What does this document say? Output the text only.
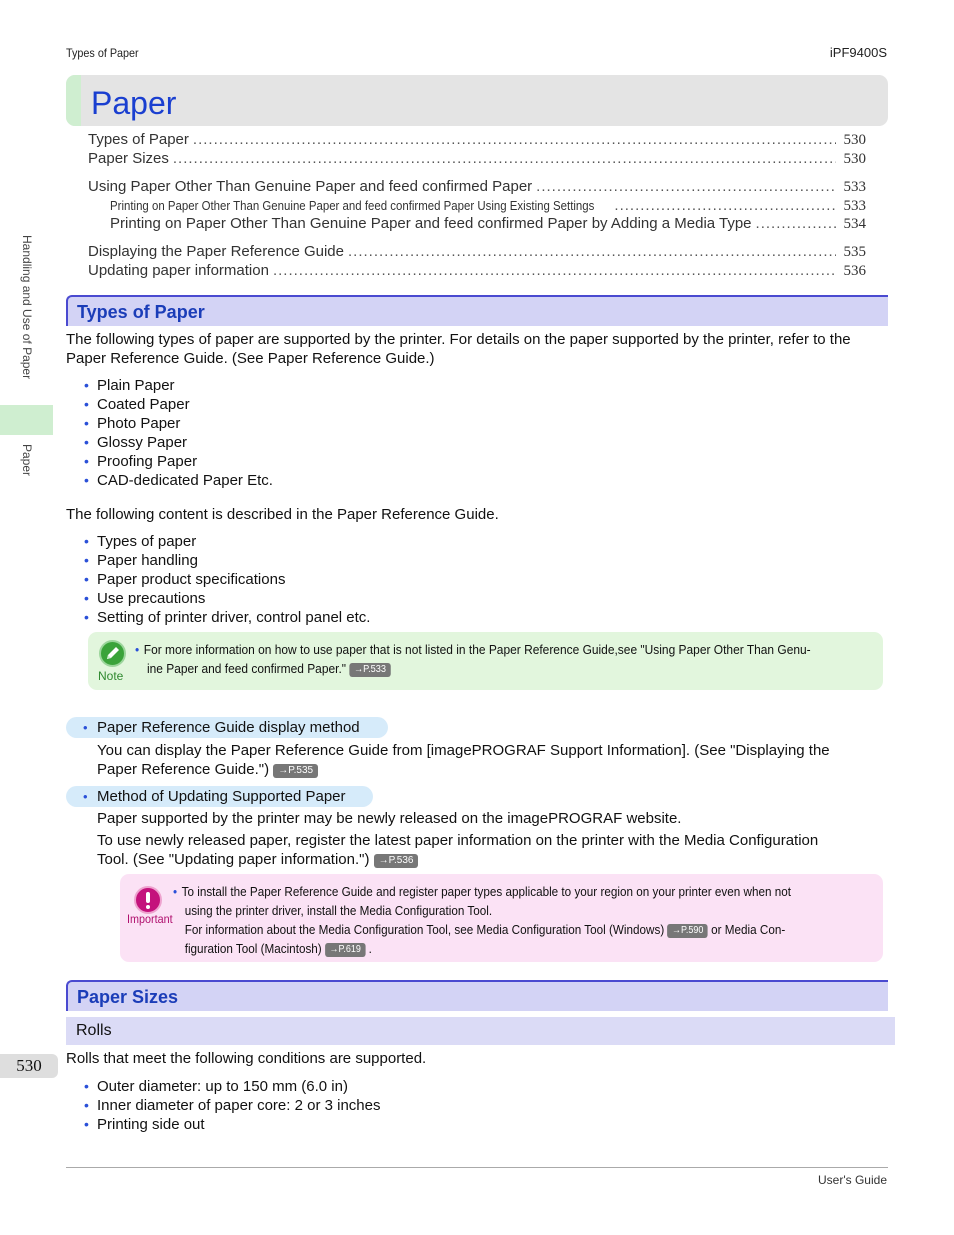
Types of Paper	iPF9400S
Paper
Types of Paper .....	530
Paper Sizes .....	530
Using Paper Other Than Genuine Paper and feed confirmed Paper .....	533
Printing on Paper Other Than Genuine Paper and feed confirmed Paper Using Existing Settings .....	533
Printing on Paper Other Than Genuine Paper and feed confirmed Paper by Adding a Media Type .....	534
Displaying the Paper Reference Guide .....	535
Updating paper information .....	536
Types of Paper
The following types of paper are supported by the printer. For details on the paper supported by the printer, refer to the
Paper Reference Guide. (See Paper Reference Guide.)
• Plain Paper
• Coated Paper
• Photo Paper
• Glossy Paper
• Proofing Paper
• CAD-dedicated Paper Etc.
The following content is described in the Paper Reference Guide.
• Types of paper
• Paper handling
• Paper product specifications
• Use precautions
• Setting of printer driver, control panel etc.
Note
• For more information on how to use paper that is not listed in the Paper Reference Guide,see "Using Paper Other Than Genu-
ine Paper and feed confirmed Paper." →P.533
• Paper Reference Guide display method
You can display the Paper Reference Guide from [imagePROGRAF Support Information]. (See "Displaying the
Paper Reference Guide.") →P.535
• Method of Updating Supported Paper
Paper supported by the printer may be newly released on the imagePROGRAF website.
To use newly released paper, register the latest paper information on the printer with the Media Configuration
Tool. (See "Updating paper information.") →P.536
Important
• To install the Paper Reference Guide and register paper types applicable to your region on your printer even when not
using the printer driver, install the Media Configuration Tool.
For information about the Media Configuration Tool, see Media Configuration Tool (Windows) →P.590 or Media Con-
figuration Tool (Macintosh) →P.619 .
Paper Sizes
Rolls
Rolls that meet the following conditions are supported.
• Outer diameter: up to 150 mm (6.0 in)
• Inner diameter of paper core: 2 or 3 inches
• Printing side out
Handling and Use of Paper
Paper
530
User's Guide
